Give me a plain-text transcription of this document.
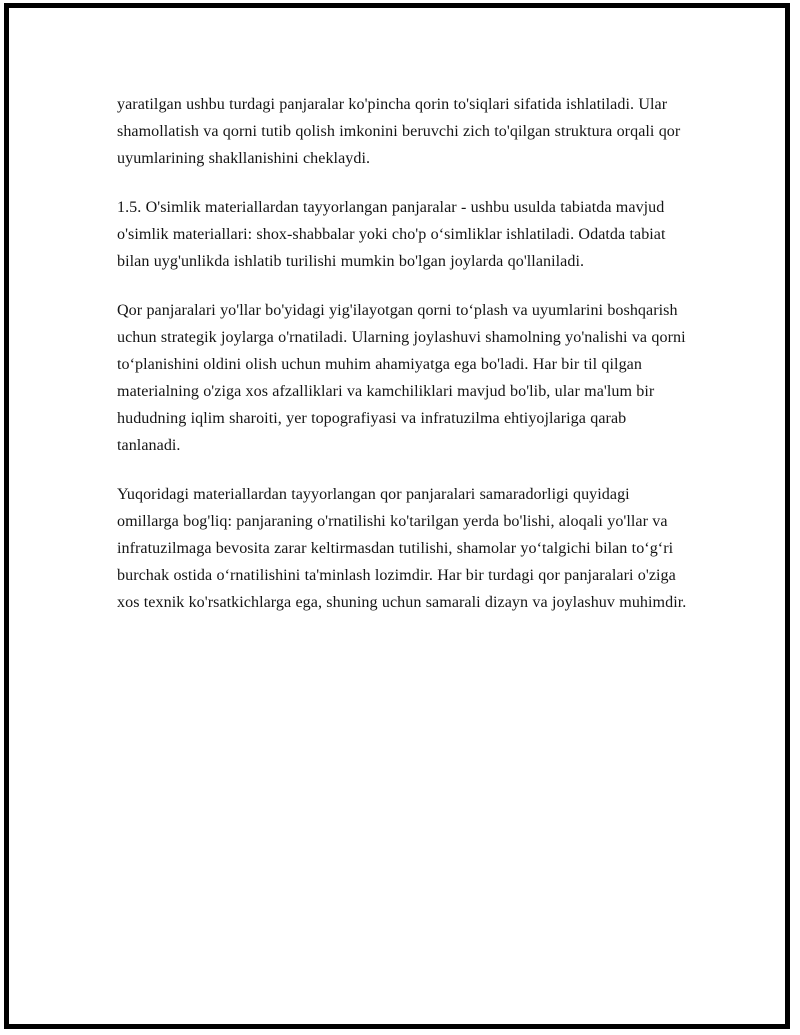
yaratilgan ushbu turdagi panjaralar ko'pincha qorin to'siqlari sifatida ishlatiladi. Ular shamollatish va qorni tutib qolish imkonini beruvchi zich to'qilgan struktura orqali qor uyumlarining shakllanishini cheklaydi.

1.5. O'simlik materiallardan tayyorlangan panjaralar - ushbu usulda tabiatda mavjud o'simlik materiallari: shox-shabbalar yoki cho'p oʻsimliklar ishlatiladi. Odatda tabiat bilan uyg'unlikda ishlatib turilishi mumkin bo'lgan joylarda qo'llaniladi.

Qor panjaralari yo'llar bo'yidagi yig'ilayotgan qorni toʻplash va uyumlarini boshqarish uchun strategik joylarga o'rnatiladi. Ularning joylashuvi shamolning yo'nalishi va qorni toʻplanishini oldini olish uchun muhim ahamiyatga ega bo'ladi. Har bir til qilgan materialning o'ziga xos afzalliklari va kamchiliklari mavjud bo'lib, ular ma'lum bir hududning iqlim sharoiti, yer topografiyasi va infratuzilma ehtiyojlariga qarab tanlanadi.

Yuqoridagi materiallardan tayyorlangan qor panjaralari samaradorligi quyidagi omillarga bog'liq: panjaraning o'rnatilishi ko'tarilgan yerda bo'lishi, aloqali yo'llar va infratuzilmaga bevosita zarar keltirmasdan tutilishi, shamolar yoʻtalgichi bilan toʻgʻri burchak ostida oʻrnatilishini ta'minlash lozimdir. Har bir turdagi qor panjaralari o'ziga xos texnik ko'rsatkichlarga ega, shuning uchun samarali dizayn va joylashuv muhimdir.
